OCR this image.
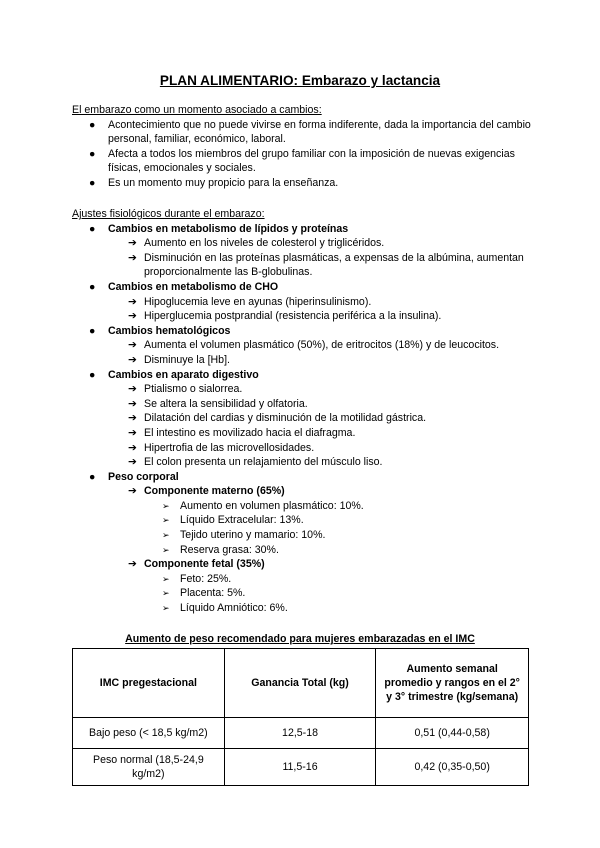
PLAN ALIMENTARIO: Embarazo y lactancia
El embarazo como un momento asociado a cambios:
● Acontecimiento que no puede vivirse en forma indiferente, dada la importancia del cambio personal, familiar, económico, laboral.
● Afecta a todos los miembros del grupo familiar con la imposición de nuevas exigencias físicas, emocionales y sociales.
● Es un momento muy propicio para la enseñanza.
Ajustes fisiológicos durante el embarazo:
● Cambios en metabolismo de lípidos y proteínas
➔ Aumento en los niveles de colesterol y triglicéridos.
➔ Disminución en las proteínas plasmáticas, a expensas de la albúmina, aumentan proporcionalmente las B-globulinas.
● Cambios en metabolismo de CHO
➔ Hipoglucemia leve en ayunas (hiperinsulinismo).
➔ Hiperglucemia postprandial (resistencia periférica a la insulina).
● Cambios hematológicos
➔ Aumenta el volumen plasmático (50%), de eritrocitos (18%) y de leucocitos.
➔ Disminuye la [Hb].
● Cambios en aparato digestivo
➔ Ptialismo o sialorrea.
➔ Se altera la sensibilidad y olfatoria.
➔ Dilatación del cardias y disminución de la motilidad gástrica.
➔ El intestino es movilizado hacia el diafragma.
➔ Hipertrofia de las microvellosidades.
➔ El colon presenta un relajamiento del músculo liso.
● Peso corporal
➔ Componente materno (65%)
➢ Aumento en volumen plasmático: 10%.
➢ Líquido Extracelular: 13%.
➢ Tejido uterino y mamario: 10%.
➢ Reserva grasa: 30%.
➔ Componente fetal (35%)
➢ Feto: 25%.
➢ Placenta: 5%.
➢ Líquido Amniótico: 6%.
Aumento de peso recomendado para mujeres embarazadas en el IMC
IMC pregestacional	Ganancia Total (kg)	Aumento semanal promedio y rangos en el 2° y 3° trimestre (kg/semana)
Bajo peso (< 18,5 kg/m2)	12,5-18	0,51 (0,44-0,58)
Peso normal (18,5-24,9 kg/m2)	11,5-16	0,42 (0,35-0,50)
